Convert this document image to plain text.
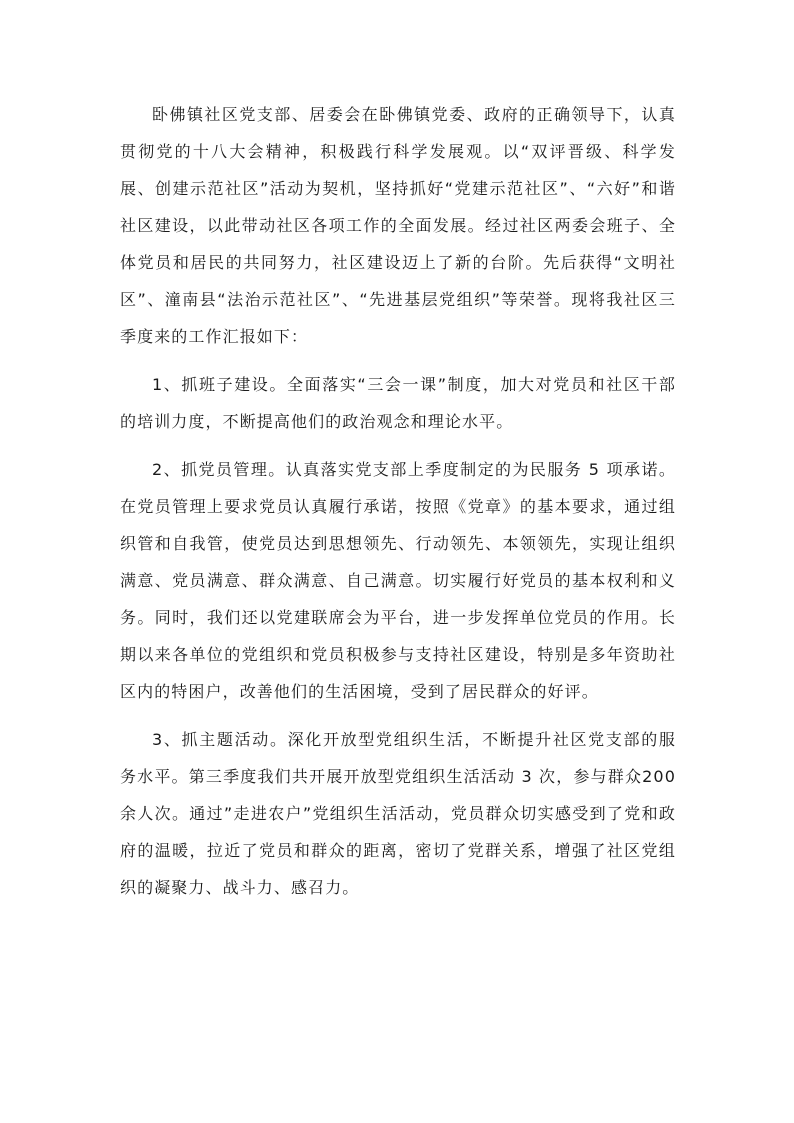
卧佛镇社区党支部、居委会在卧佛镇党委、政府的正确领导下，认真贯彻党的十八大会精神，积极践行科学发展观。以“双评晋级、科学发展、创建示范社区”活动为契机，坚持抓好“党建示范社区”、“六好”和谐社区建设，以此带动社区各项工作的全面发展。经过社区两委会班子、全体党员和居民的共同努力，社区建设迈上了新的台阶。先后获得“文明社区”、潼南县“法治示范社区”、“先进基层党组织”等荣誉。现将我社区三季度来的工作汇报如下：

1、抓班子建设。全面落实“三会一课”制度，加大对党员和社区干部的培训力度，不断提高他们的政治观念和理论水平。

2、抓党员管理。认真落实党支部上季度制定的为民服务 5 项承诺。在党员管理上要求党员认真履行承诺，按照《党章》的基本要求，通过组织管和自我管，使党员达到思想领先、行动领先、本领领先，实现让组织满意、党员满意、群众满意、自己满意。切实履行好党员的基本权利和义务。同时，我们还以党建联席会为平台，进一步发挥单位党员的作用。长期以来各单位的党组织和党员积极参与支持社区建设，特别是多年资助社区内的特困户，改善他们的生活困境，受到了居民群众的好评。

3、抓主题活动。深化开放型党组织生活，不断提升社区党支部的服务水平。第三季度我们共开展开放型党组织生活活动 3 次，参与群众200 余人次。通过”走进农户”党组织生活活动，党员群众切实感受到了党和政府的温暖，拉近了党员和群众的距离，密切了党群关系，增强了社区党组织的凝聚力、战斗力、感召力。
